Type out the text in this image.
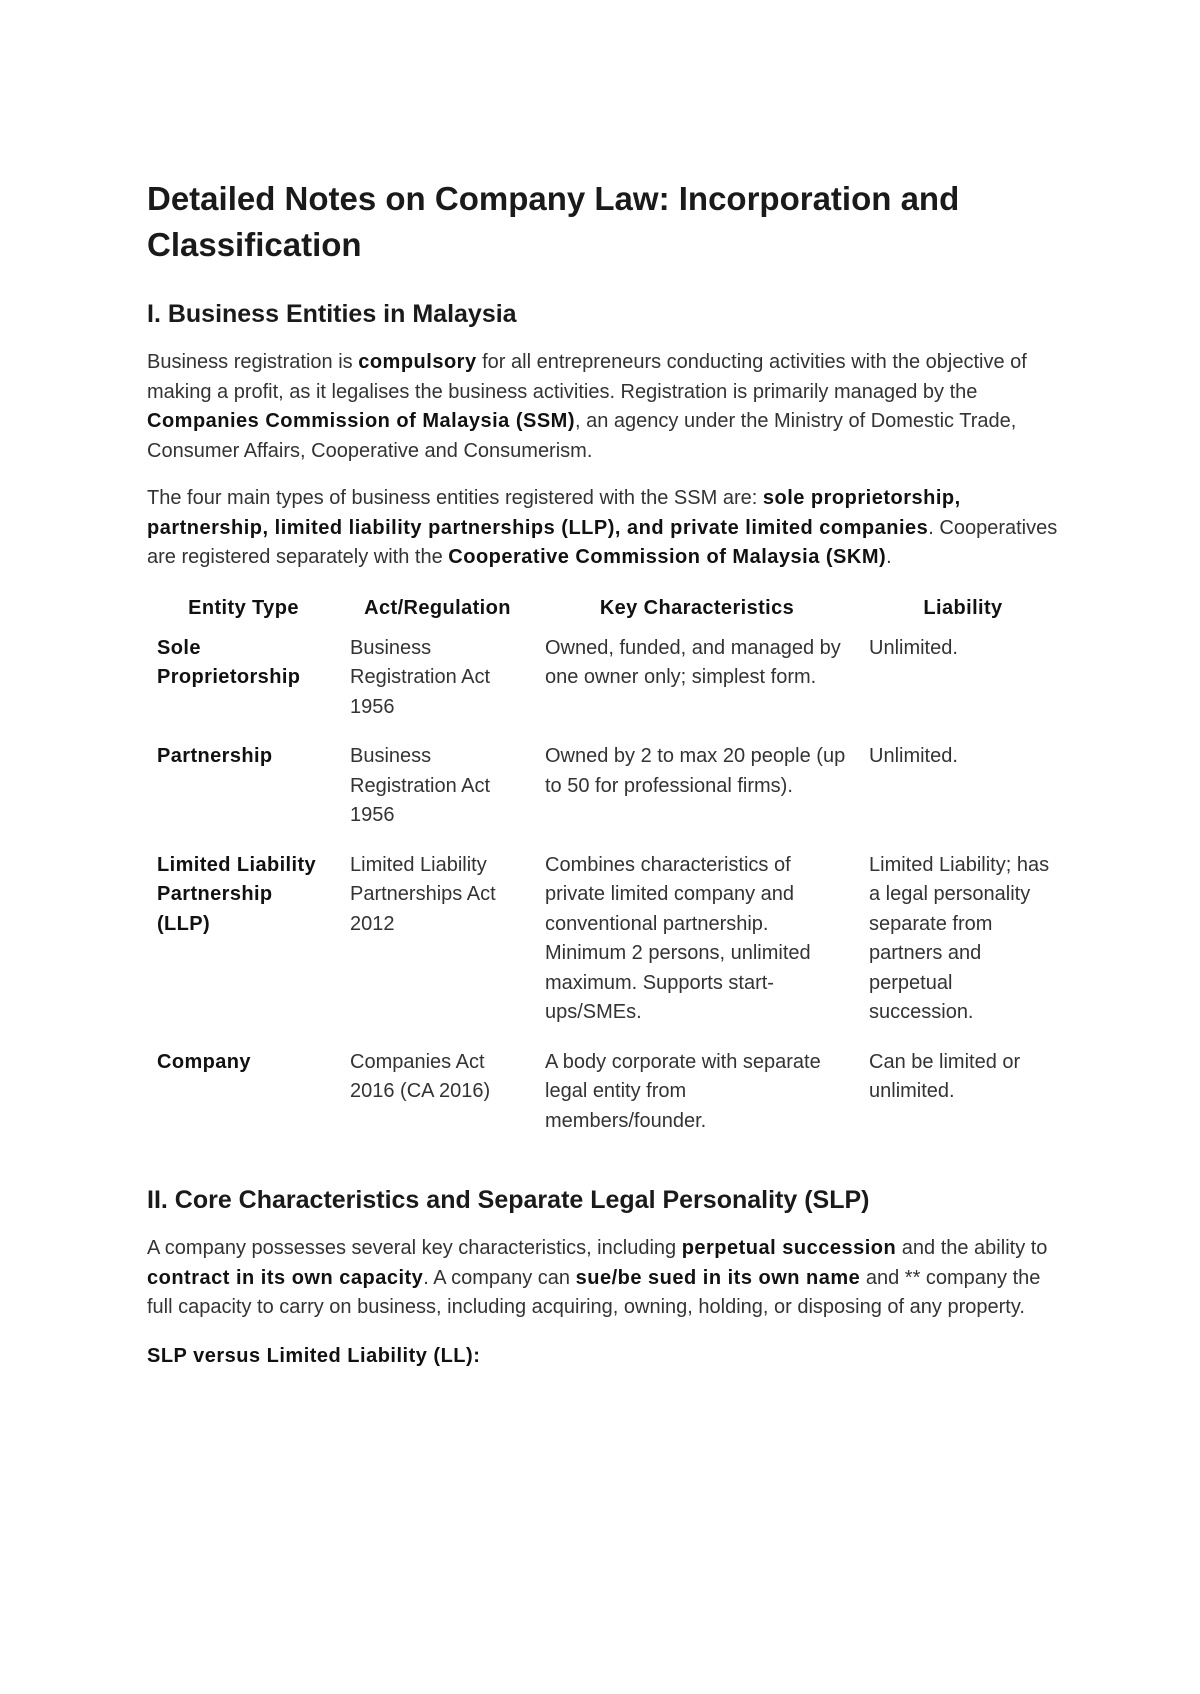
Detailed Notes on Company Law: Incorporation and Classification
I. Business Entities in Malaysia

Business registration is compulsory for all entrepreneurs conducting activities with the objective of making a profit, as it legalises the business activities. Registration is primarily managed by the Companies Commission of Malaysia (SSM), an agency under the Ministry of Domestic Trade, Consumer Affairs, Cooperative and Consumerism.

The four main types of business entities registered with the SSM are: sole proprietorship, partnership, limited liability partnerships (LLP), and private limited companies. Cooperatives are registered separately with the Cooperative Commission of Malaysia (SKM).

Entity Type	Act/Regulation	Key Characteristics	Liability
Sole Proprietorship	Business Registration Act 1956	Owned, funded, and managed by one owner only; simplest form.	Unlimited.
Partnership	Business Registration Act 1956	Owned by 2 to max 20 people (up to 50 for professional firms).	Unlimited.
Limited Liability Partnership (LLP)	Limited Liability Partnerships Act 2012	Combines characteristics of private limited company and conventional partnership. Minimum 2 persons, unlimited maximum. Supports start-ups/SMEs.	Limited Liability; has a legal personality separate from partners and perpetual succession.
Company	Companies Act 2016 (CA 2016)	A body corporate with separate legal entity from members/founder.	Can be limited or unlimited.
II. Core Characteristics and Separate Legal Personality (SLP)

A company possesses several key characteristics, including perpetual succession and the ability to contract in its own capacity. A company can sue/be sued in its own name and ** company the full capacity to carry on business, including acquiring, owning, holding, or disposing of any property.

SLP versus Limited Liability (LL):
